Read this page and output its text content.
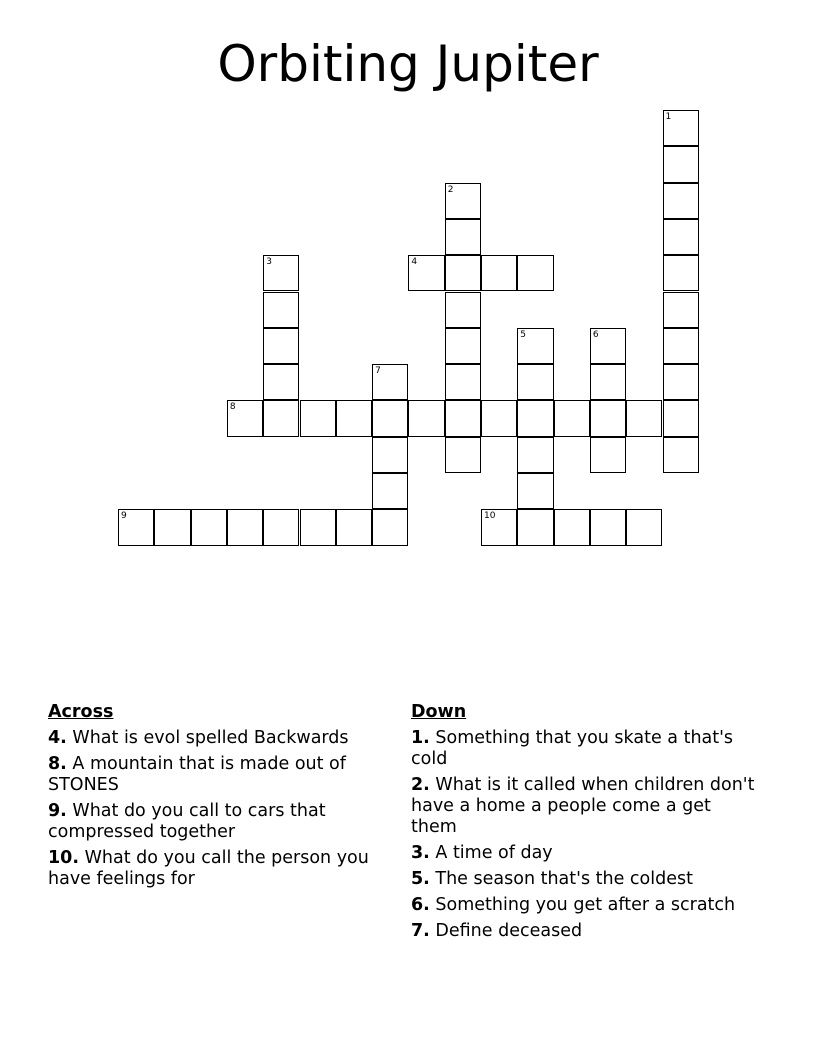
Orbiting Jupiter
1
2
3	4
5	6
7
8
9	10
Across
4. What is evol spelled Backwards
8. A mountain that is made out of STONES
9. What do you call to cars that compressed together
10. What do you call the person you have feelings for
Down
1. Something that you skate a that's cold
2. What is it called when children don't have a home a people come a get them
3. A time of day
5. The season that's the coldest
6. Something you get after a scratch
7. Define deceased
